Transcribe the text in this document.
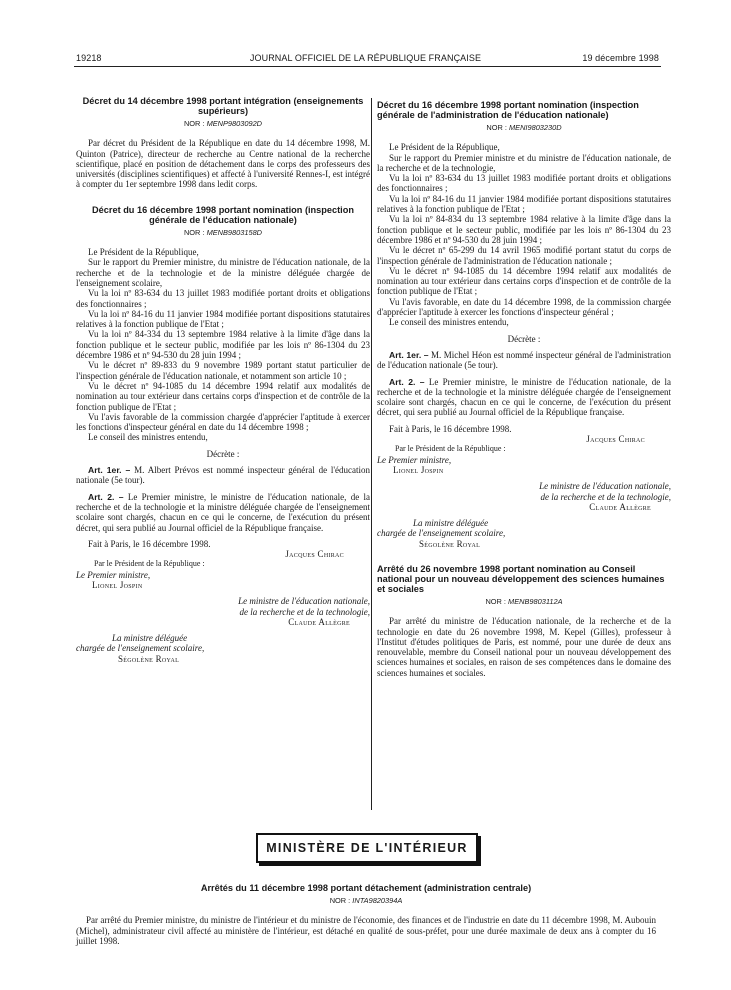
19218	JOURNAL OFFICIEL DE LA RÉPUBLIQUE FRANÇAISE	19 décembre 1998

Décret du 14 décembre 1998 portant intégration (enseignements supérieurs)

NOR : MENP9803092D

Par décret du Président de la République en date du 14 décembre 1998, M. Quinton (Patrice), directeur de recherche au Centre national de la recherche scientifique, placé en position de détachement dans le corps des professeurs des universités (disciplines scientifiques) et affecté à l'université Rennes-I, est intégré à compter du 1er septembre 1998 dans ledit corps.

Décret du 16 décembre 1998 portant nomination (inspection générale de l'éducation nationale)

NOR : MENB9803158D

Le Président de la République,

Sur le rapport du Premier ministre, du ministre de l'éducation nationale, de la recherche et de la technologie et de la ministre déléguée chargée de l'enseignement scolaire,

Vu la loi nº 83-634 du 13 juillet 1983 modifiée portant droits et obligations des fonctionnaires ;

Vu la loi nº 84-16 du 11 janvier 1984 modifiée portant dispositions statutaires relatives à la fonction publique de l'Etat ;

Vu la loi nº 84-334 du 13 septembre 1984 relative à la limite d'âge dans la fonction publique et le secteur public, modifiée par les lois nº 86-1304 du 23 décembre 1986 et nº 94-530 du 28 juin 1994 ;

Vu le décret nº 89-833 du 9 novembre 1989 portant statut particulier de l'inspection générale de l'éducation nationale, et notamment son article 10 ;

Vu le décret nº 94-1085 du 14 décembre 1994 relatif aux modalités de nomination au tour extérieur dans certains corps d'inspection et de contrôle de la fonction publique de l'Etat ;

Vu l'avis favorable de la commission chargée d'apprécier l'aptitude à exercer les fonctions d'inspecteur général en date du 14 décembre 1998 ;

Le conseil des ministres entendu,

Décrète :

Art. 1er. – M. Albert Prévos est nommé inspecteur général de l'éducation nationale (5e tour).

Art. 2. – Le Premier ministre, le ministre de l'éducation nationale, de la recherche et de la technologie et la ministre déléguée chargée de l'enseignement scolaire sont chargés, chacun en ce qui le concerne, de l'exécution du présent décret, qui sera publié au Journal officiel de la République française.

Fait à Paris, le 16 décembre 1998.

Jacques Chirac

Par le Président de la République :

Le Premier ministre,

Lionel Jospin

Le ministre de l'éducation nationale,

de la recherche et de la technologie,

Claude Allègre

La ministre déléguée

chargée de l'enseignement scolaire,

Ségolène Royal

Décret du 16 décembre 1998 portant nomination (inspection générale de l'administration de l'éducation nationale)

NOR : MENI9803230D

Le Président de la République,

Sur le rapport du Premier ministre et du ministre de l'éducation nationale, de la recherche et de la technologie,

Vu la loi nº 83-634 du 13 juillet 1983 modifiée portant droits et obligations des fonctionnaires ;

Vu la loi nº 84-16 du 11 janvier 1984 modifiée portant dispositions statutaires relatives à la fonction publique de l'Etat ;

Vu la loi nº 84-834 du 13 septembre 1984 relative à la limite d'âge dans la fonction publique et le secteur public, modifiée par les lois nº 86-1304 du 23 décembre 1986 et nº 94-530 du 28 juin 1994 ;

Vu le décret nº 65-299 du 14 avril 1965 modifié portant statut du corps de l'inspection générale de l'administration de l'éducation nationale ;

Vu le décret nº 94-1085 du 14 décembre 1994 relatif aux modalités de nomination au tour extérieur dans certains corps d'inspection et de contrôle de la fonction publique de l'Etat ;

Vu l'avis favorable, en date du 14 décembre 1998, de la commission chargée d'apprécier l'aptitude à exercer les fonctions d'inspecteur général ;

Le conseil des ministres entendu,

Décrète :

Art. 1er. – M. Michel Héon est nommé inspecteur général de l'administration de l'éducation nationale (5e tour).

Art. 2. – Le Premier ministre, le ministre de l'éducation nationale, de la recherche et de la technologie et la ministre déléguée chargée de l'enseignement scolaire sont chargés, chacun en ce qui le concerne, de l'exécution du présent décret, qui sera publié au Journal officiel de la République française.

Fait à Paris, le 16 décembre 1998.

Jacques Chirac

Par le Président de la République :

Le Premier ministre,

Lionel Jospin

Le ministre de l'éducation nationale,

de la recherche et de la technologie,

Claude Allègre

La ministre déléguée

chargée de l'enseignement scolaire,

Ségolène Royal

Arrêté du 26 novembre 1998 portant nomination au Conseil national pour un nouveau développement des sciences humaines et sociales

NOR : MENB9803112A

Par arrêté du ministre de l'éducation nationale, de la recherche et de la technologie en date du 26 novembre 1998, M. Kepel (Gilles), professeur à l'Institut d'études politiques de Paris, est nommé, pour une durée de deux ans renouvelable, membre du Conseil national pour un nouveau développement des sciences humaines et sociales, en raison de ses compétences dans le domaine des sciences humaines et sociales.

MINISTÈRE DE L'INTÉRIEUR

Arrêtés du 11 décembre 1998 portant détachement (administration centrale)

NOR : INTA9820394A

Par arrêté du Premier ministre, du ministre de l'intérieur et du ministre de l'économie, des finances et de l'industrie en date du 11 décembre 1998, M. Aubouin (Michel), administrateur civil affecté au ministère de l'intérieur, est détaché en qualité de sous-préfet, pour une durée maximale de deux ans à compter du 16 juillet 1998.
